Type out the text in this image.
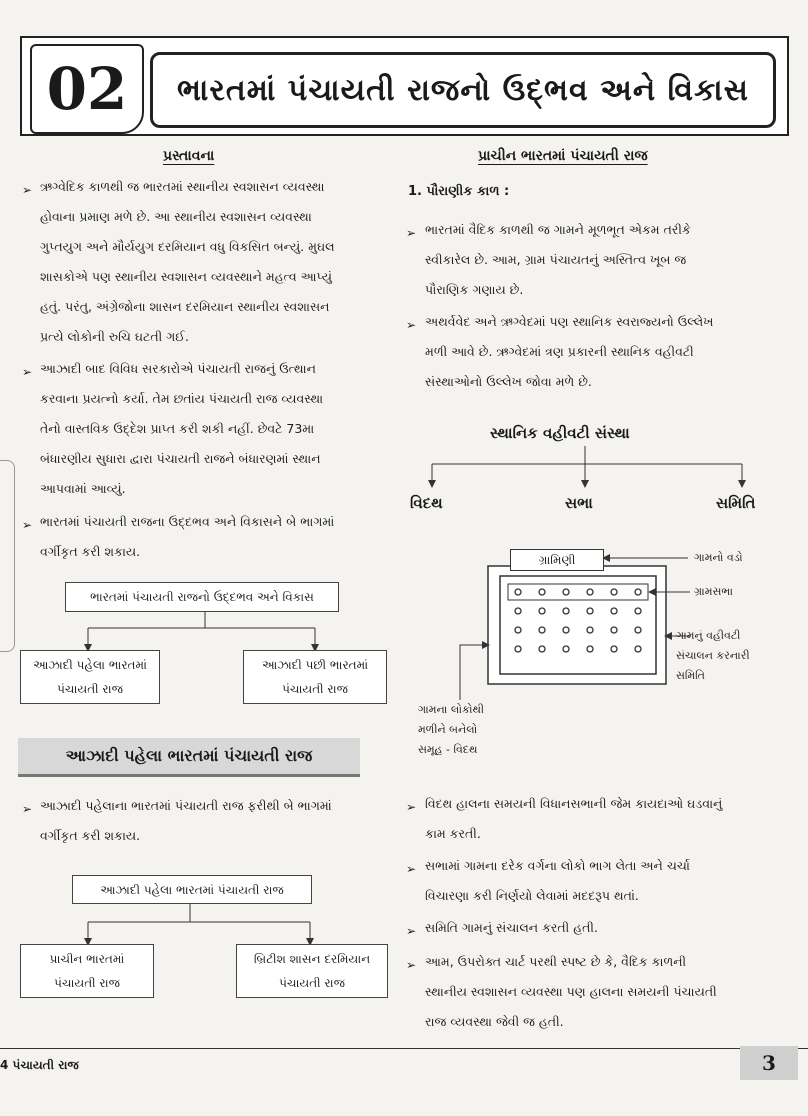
02	ભારતમાં પંચાયતી રાજનો ઉદ્‌ભવ અને વિકાસ
પ્રસ્તાવના
➢ ઋગ્વેદિક કાળથી જ ભારતમાં સ્થાનીય સ્વશાસન વ્યવસ્થા
હોવાના પ્રમાણ મળે છે. આ સ્થાનીય સ્વશાસન વ્યવસ્થા
ગુપ્તયુગ અને મૌર્યયુગ દરમિયાન વધુ વિકસિત બન્યું. મુઘલ
શાસકોએ પણ સ્થાનીય સ્વશાસન વ્યવસ્થાને મહત્વ આપ્યું
હતું. પરંતુ, અંગ્રેજોના શાસન દરમિયાન સ્થાનીય સ્વશાસન
પ્રત્યે લોકોની રુચિ ઘટતી ગઈ.
➢ આઝાદી બાદ વિવિધ સરકારોએ પંચાયતી રાજનું ઉત્થાન
કરવાના પ્રયત્નો કર્યા. તેમ છતાંય પંચાયતી રાજ વ્યવસ્થા
તેનો વાસ્તવિક ઉદ્દેશ પ્રાપ્ત કરી શકી નહીં. છેવટે 73મા
બંધારણીય સુધારા દ્વારા પંચાયતી રાજને બંધારણમાં સ્થાન
આપવામાં આવ્યું.
➢ ભારતમાં પંચાયતી રાજના ઉદ્દભવ અને વિકાસને બે ભાગમાં
વર્ગીકૃત કરી શકાય.
ભારતમાં પંચાયતી રાજનો ઉદ્દભવ અને વિકાસ
આઝાદી પહેલા ભારતમાં
પંચાયતી રાજ
આઝાદી પછી ભારતમાં
પંચાયતી રાજ
આઝાદી પહેલા ભારતમાં પંચાયતી રાજ
➢ આઝાદી પહેલાના ભારતમાં પંચાયતી રાજ ફરીથી બે ભાગમાં
વર્ગીકૃત કરી શકાય.
આઝાદી પહેલા ભારતમાં પંચાયતી રાજ
પ્રાચીન ભારતમાં
પંચાયતી રાજ
બ્રિટીશ શાસન દરમિયાન
પંચાયતી રાજ
પ્રાચીન ભારતમાં પંચાયતી રાજ
1. પૌરાણીક કાળ :
➢ ભારતમાં વૈદિક કાળથી જ ગામને મૂળભૂત એકમ તરીકે
સ્વીકારેલ છે. આમ, ગ્રામ પંચાયતનું અસ્તિત્વ ખૂબ જ
પૌરાણિક ગણાય છે.
➢ અથર્વવેદ અને ઋગ્વેદમાં પણ સ્થાનિક સ્વરાજ્યનો ઉલ્લેખ
મળી આવે છે. ઋગ્વેદમાં ત્રણ પ્રકારની સ્થાનિક વહીવટી
સંસ્થાઓનો ઉલ્લેખ જોવા મળે છે.
સ્થાનિક વહીવટી સંસ્થા
વિદથ	સભા	સમિતિ
ગ્રામિણી	ગામનો વડો
ગ્રામસભા
ગામનું વહીવટી
સંચાલન કરનારી
સમિતિ
ગામના લોકોથી
મળીને બનેલો
સમૂહ - વિદથ
➢ વિદથ હાલના સમયની વિધાનસભાની જેમ કાયદાઓ ઘડવાનું
કામ કરતી.
➢ સભામાં ગામના દરેક વર્ગના લોકો ભાગ લેતા અને ચર્ચા
વિચારણા કરી નિર્ણયો લેવામાં મદદરૂપ થતાં.
➢ સમિતિ ગામનું સંચાલન કરતી હતી.
➢ આમ, ઉપરોક્ત ચાર્ટ પરથી સ્પષ્ટ છે કે, વૈદિક કાળની
સ્થાનીય સ્વશાસન વ્યવસ્થા પણ હાલના સમયની પંચાયતી
રાજ વ્યવસ્થા જેવી જ હતી.
4 પંચાયતી રાજ	3
